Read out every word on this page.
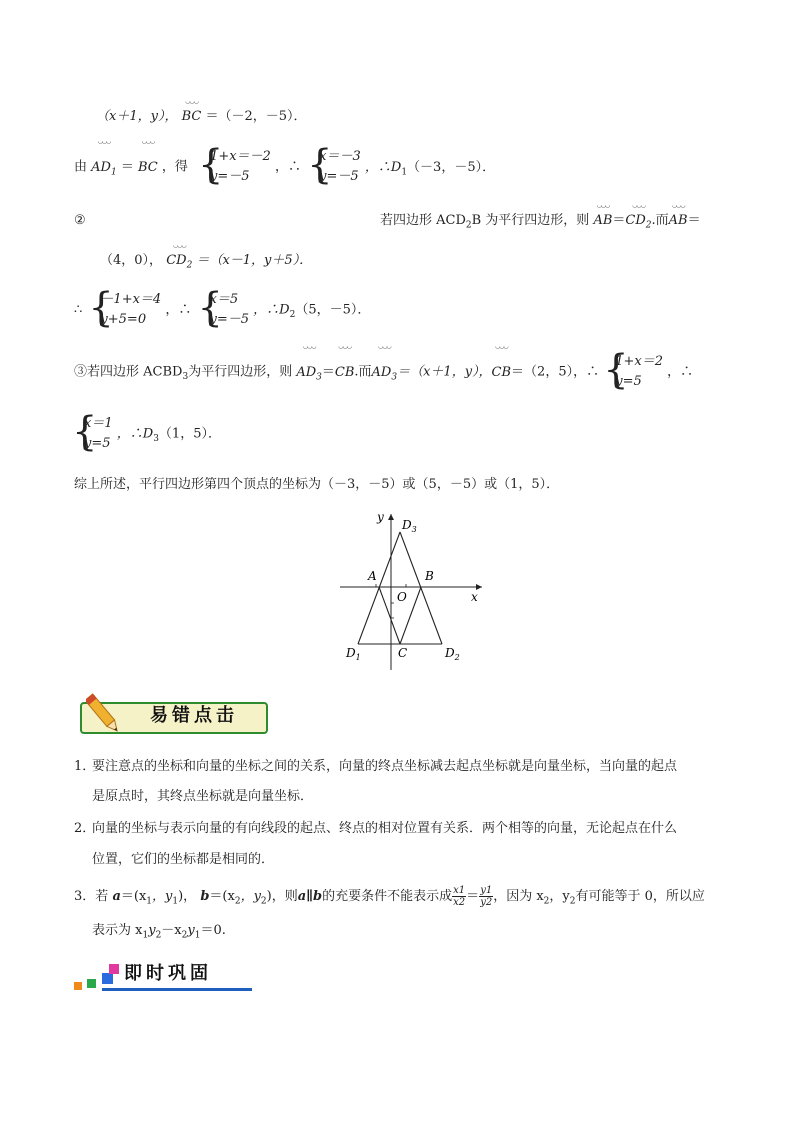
（x＋1，y）， ◡◡◡ BC ＝（－2，－5）．
由 ◡◡◡ $AD_1$ ＝ ◡◡◡ BC ，得
{ 1+x＝－2
y=－5
，∴
{ x＝－3
y=－5
，$\therefore D_1(-3$，－5）．
②	若四边形 $ACD_2B$ 为平行四边形，则 ◡◡◡ AB＝◡◡◡ $CD_2$.而◡◡◡ AB＝
（4，0）， ◡◡◡ $CD_2 =(x-1$，y＋5）．
∴
{ －1+x＝4
y+5=0
，∴
{ x＝5
y=－5
，$\therefore D_2(5$，－5）．
③若四边形 $ACBD_3$为平行四边形，则 ◡◡◡ $AD_3=◡◡◡$ CB.而◡◡◡ $AD_3=(x+1$，y），◡◡◡ CB＝（2，5），∴
{ 1+x＝2
y=5
，∴
{ x＝1
y=5
，$\therefore D_3(1$，5）．
综上所述，平行四边形第四个顶点的坐标为（－3，－5）或（5，－5）或（1，5）．
y
x
$D_3$
A	B
O
$D_1$	C	$D_2$
易错点击
1．
要注意点的坐标和向量的坐标之间的关系，向量的终点坐标减去起点坐标就是向量坐标，当向量的起点
是原点时，其终点坐标就是向量坐标．
2．
向量的坐标与表示向量的有向线段的起点、终点的相对位置有关系．两个相等的向量，无论起点在什么
位置，它们的坐标都是相同的．
3．若 $a=(x_1$，$y_1$)， $b=(x_2$，$y_2$)，则a∥b的充要条件不能表示成 $\frac{x1}{x2} = \frac{y1}{y2}$ ，因为 $x_2$，$y_2$有可能等于 0，所以应
表示为 $x_1y_2-x_2y_1=0$.
即时巩固
